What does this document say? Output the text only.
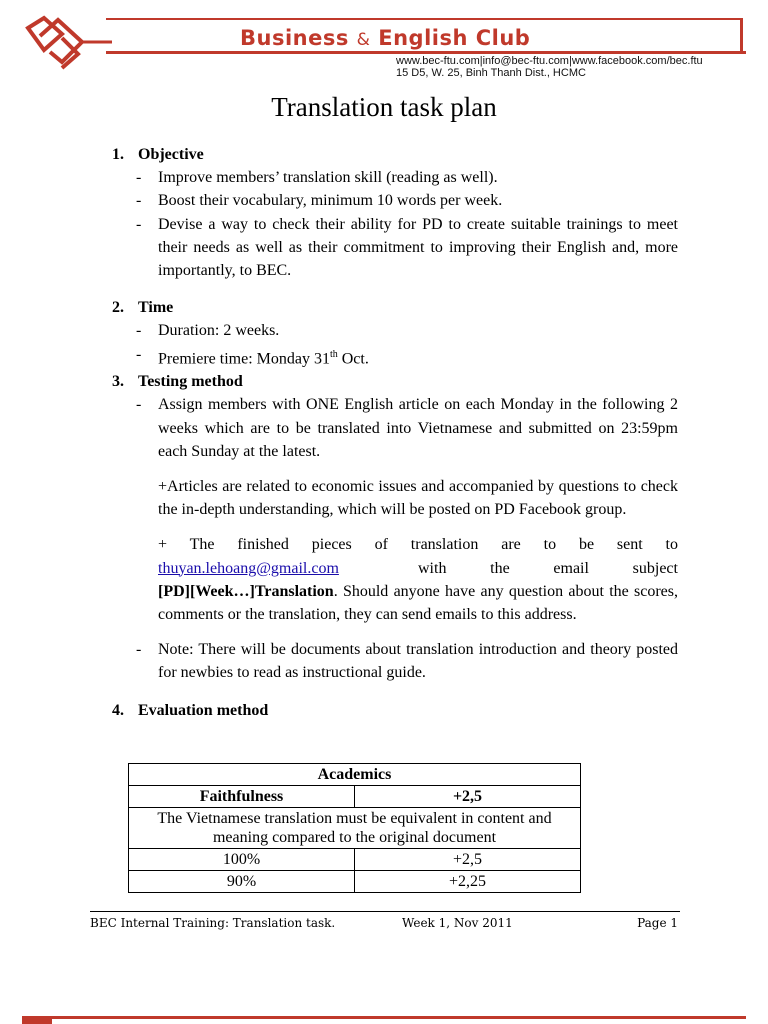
Business & English Club
www.bec-ftu.com|info@bec-ftu.com|www.facebook.com/bec.ftu
15 D5, W. 25, Binh Thanh Dist., HCMC
Translation task plan

1. Objective

- Improve members’ translation skill (reading as well).
- Boost their vocabulary, minimum 10 words per week.
- Devise a way to check their ability for PD to create suitable trainings to meet their needs as well as their commitment to improving their English and, more importantly, to BEC.

2. Time

- Duration: 2 weeks.
- Premiere time: Monday 31th Oct.

3. Testing method

- Assign members with ONE English article on each Monday in the following 2 weeks which are to be translated into Vietnamese and submitted on 23:59pm each Sunday at the latest.

+Articles are related to economic issues and accompanied by questions to check the in-depth understanding, which will be posted on PD Facebook group.

+ The finished pieces of translation are to be sent to
thuyan.lehoang@gmail.com	with	the	email	subject
[PD][Week…]Translation. Should anyone have any question about the scores, comments or the translation, they can send emails to this address.
- Note: There will be documents about translation introduction and theory posted for newbies to read as instructional guide.

4. Evaluation method

Academics	
Faithfulness	+2,5
The Vietnamese translation must be equivalent in content and meaning compared to the original document	
100%	+2,5
90%	+2,25
BEC Internal Training: Translation task.	Week 1, Nov 2011	Page 1
